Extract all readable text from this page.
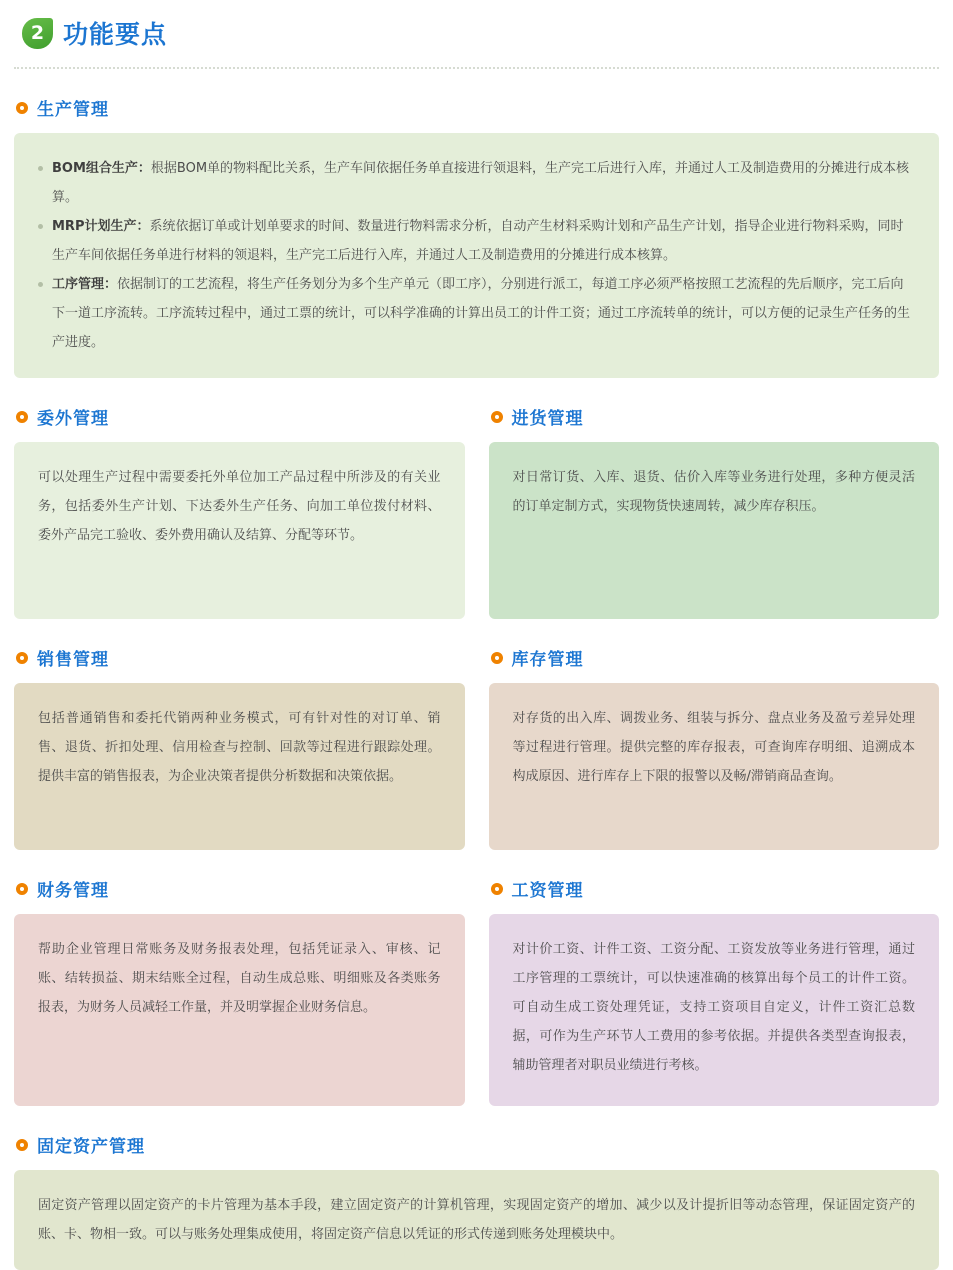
2 功能要点
生产管理
BOM组合生产：根据BOM单的物料配比关系，生产车间依据任务单直接进行领退料，生产完工后进行入库，并通过人工及制造费用的分摊进行成本核算。
MRP计划生产：系统依据订单或计划单要求的时间、数量进行物料需求分析，自动产生材料采购计划和产品生产计划，指导企业进行物料采购，同时生产车间依据任务单进行材料的领退料，生产完工后进行入库，并通过人工及制造费用的分摊进行成本核算。
工序管理：依据制订的工艺流程，将生产任务划分为多个生产单元（即工序），分别进行派工，每道工序必须严格按照工艺流程的先后顺序，完工后向下一道工序流转。工序流转过程中，通过工票的统计，可以科学准确的计算出员工的计件工资；通过工序流转单的统计，可以方便的记录生产任务的生产进度。
委外管理

可以处理生产过程中需要委托外单位加工产品过程中所涉及的有关业务，包括委外生产计划、下达委外生产任务、向加工单位拨付材料、委外产品完工验收、委外费用确认及结算、分配等环节。

进货管理

对日常订货、入库、退货、估价入库等业务进行处理，多种方便灵活的订单定制方式，实现物货快速周转，减少库存积压。

销售管理

包括普通销售和委托代销两种业务模式，可有针对性的对订单、销售、退货、折扣处理、信用检查与控制、回款等过程进行跟踪处理。提供丰富的销售报表，为企业决策者提供分析数据和决策依据。

库存管理

对存货的出入库、调拨业务、组装与拆分、盘点业务及盈亏差异处理等过程进行管理。提供完整的库存报表，可查询库存明细、追溯成本构成原因、进行库存上下限的报警以及畅/滞销商品查询。

财务管理

帮助企业管理日常账务及财务报表处理，包括凭证录入、审核、记账、结转损益、期末结账全过程，自动生成总账、明细账及各类账务报表，为财务人员减轻工作量，并及明掌握企业财务信息。

工资管理

对计价工资、计件工资、工资分配、工资发放等业务进行管理，通过工序管理的工票统计，可以快速准确的核算出每个员工的计件工资。可自动生成工资处理凭证，支持工资项目自定义，计件工资汇总数据，可作为生产环节人工费用的参考依据。并提供各类型查询报表，辅助管理者对职员业绩进行考核。

固定资产管理

固定资产管理以固定资产的卡片管理为基本手段，建立固定资产的计算机管理，实现固定资产的增加、减少以及计提折旧等动态管理，保证固定资产的账、卡、物相一致。可以与账务处理集成使用，将固定资产信息以凭证的形式传递到账务处理模块中。
